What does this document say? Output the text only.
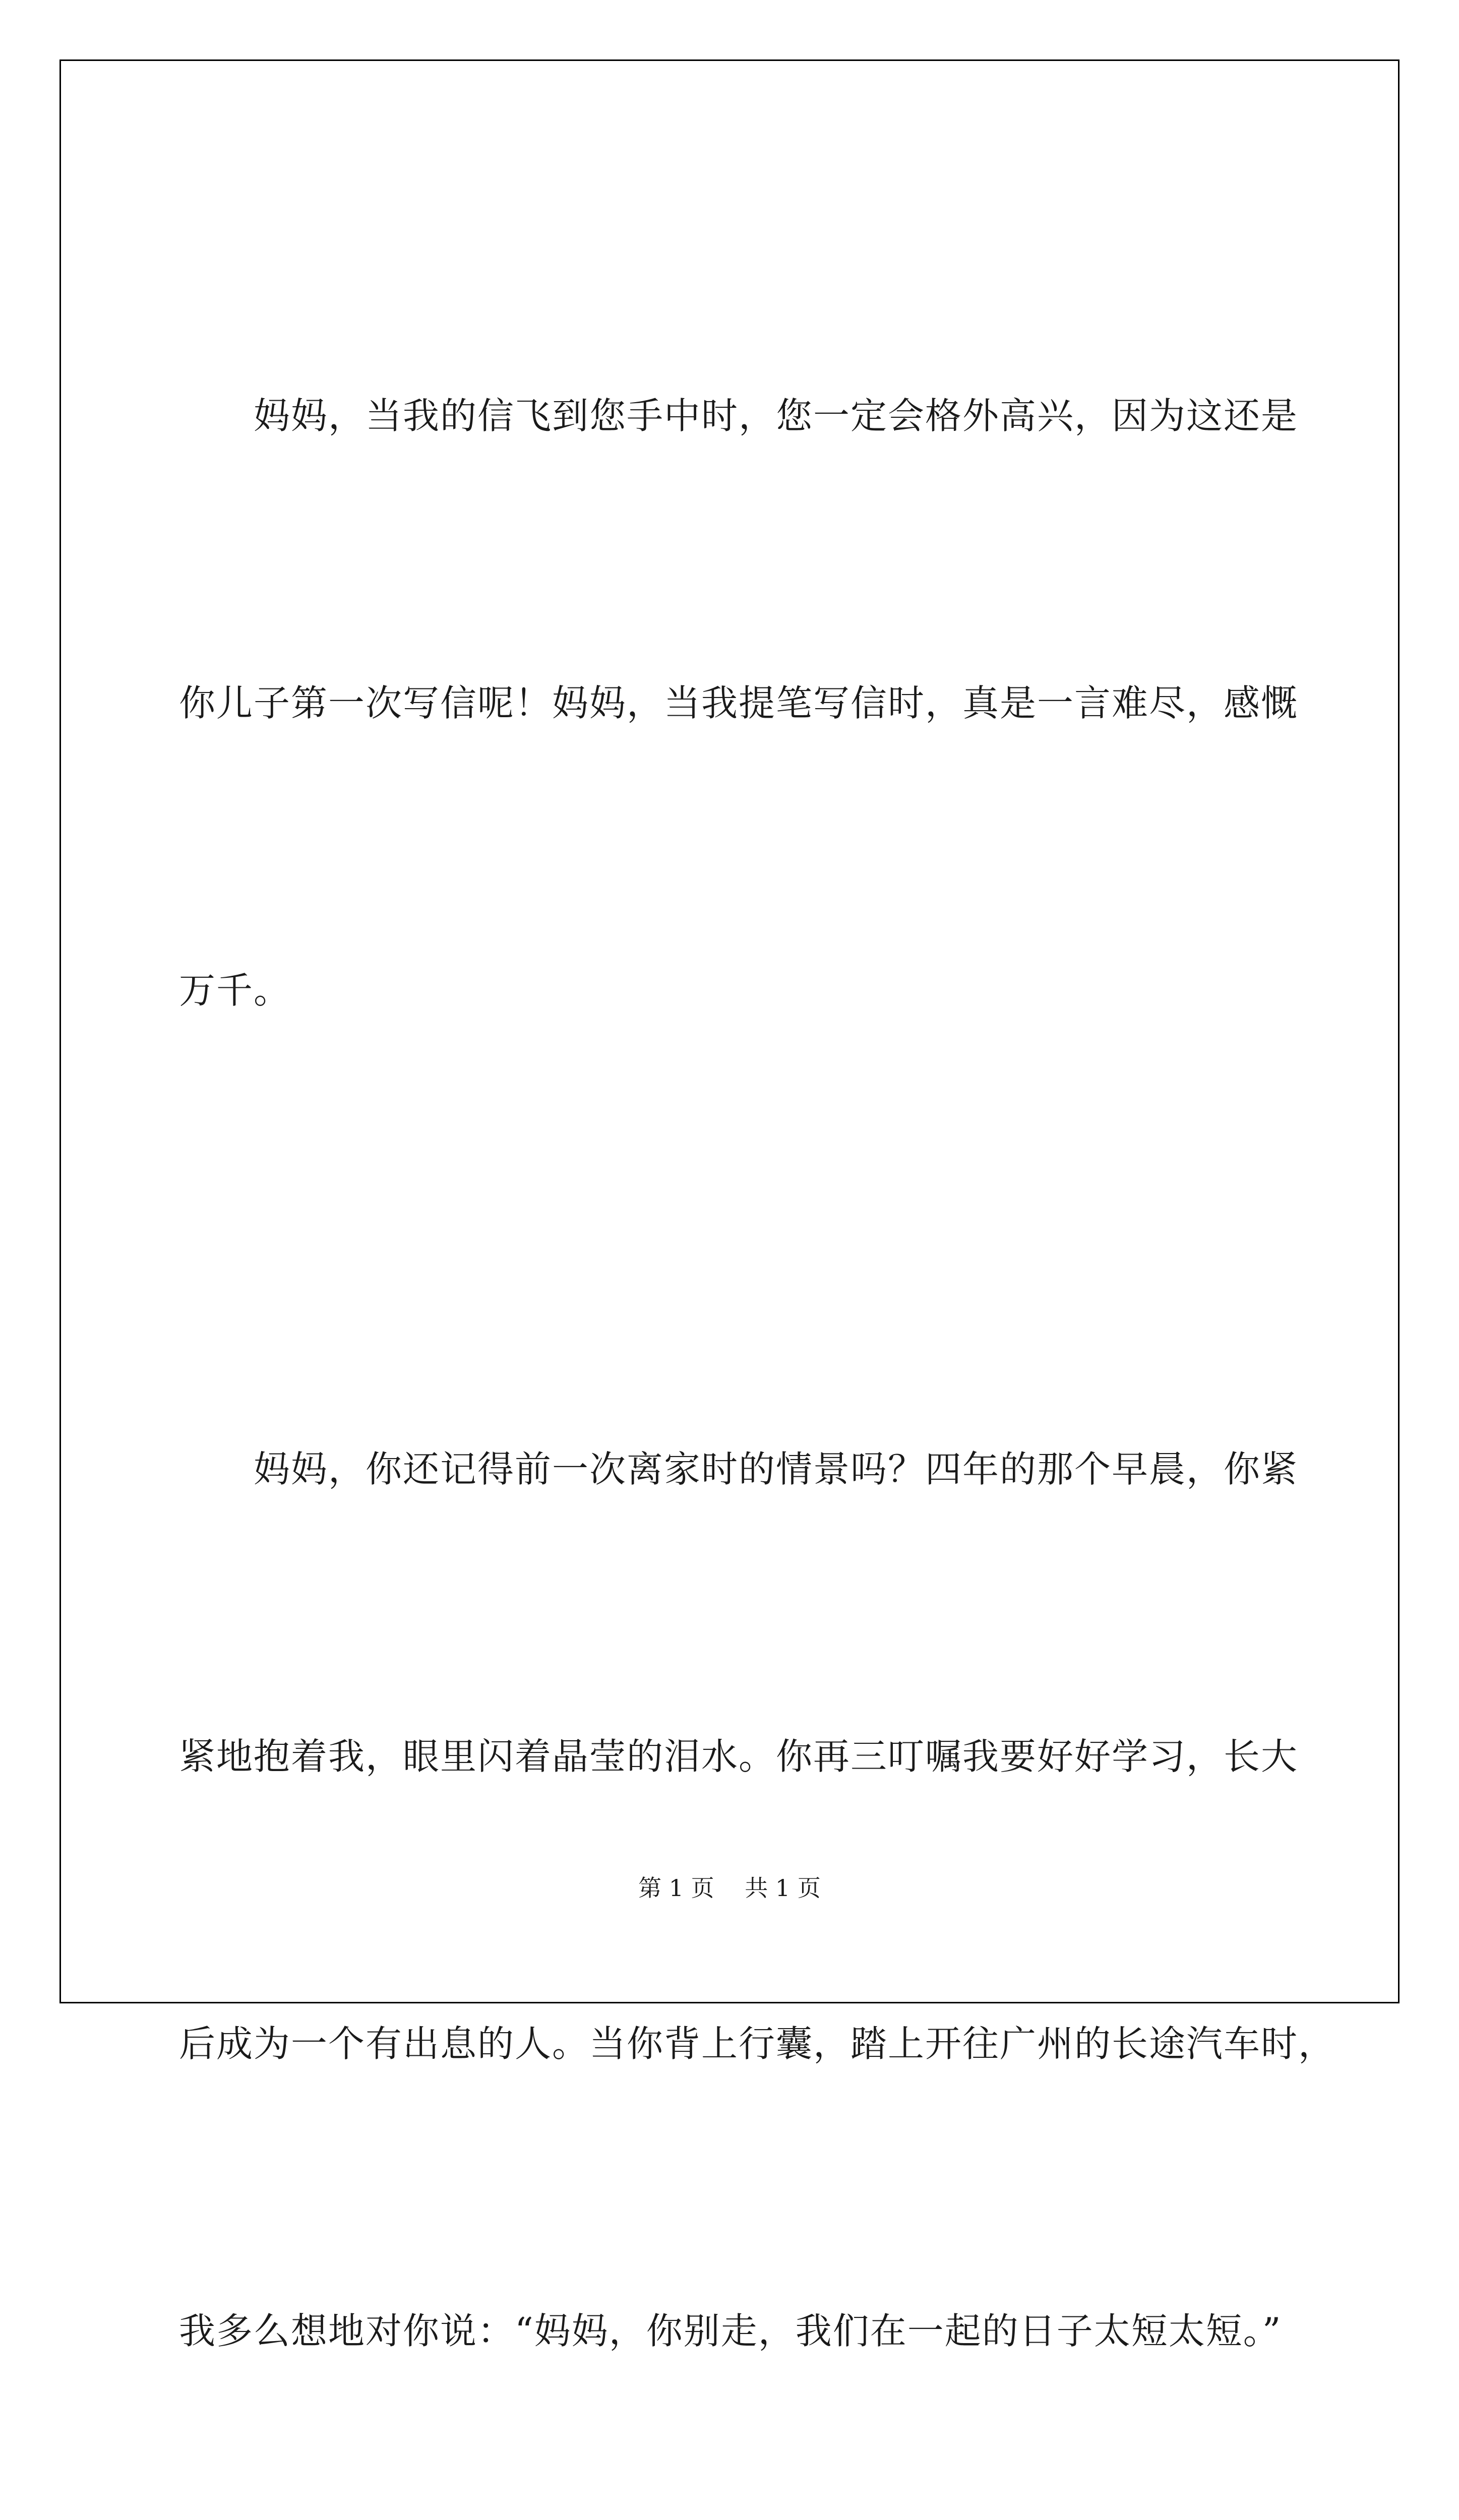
　　妈妈，当我的信飞到您手中时，您一定会格外高兴，因为这还是

你儿子第一次写信呢！妈妈，当我提笔写信时，真是一言难尽，感慨

万千。

　　妈妈，你还记得前一次离家时的情景吗？四年的那个早晨，你紧

紧地抱着我，眼里闪着晶莹的泪水。你再三叮嘱我要好好学习，长大

后成为一个有出息的人。当你背上行囊，踏上开往广州的长途汽车时，

我多么想地对你说：“妈妈，你别走，我们在一起的日子太短太短。”

第 1 页　 共 1 页
